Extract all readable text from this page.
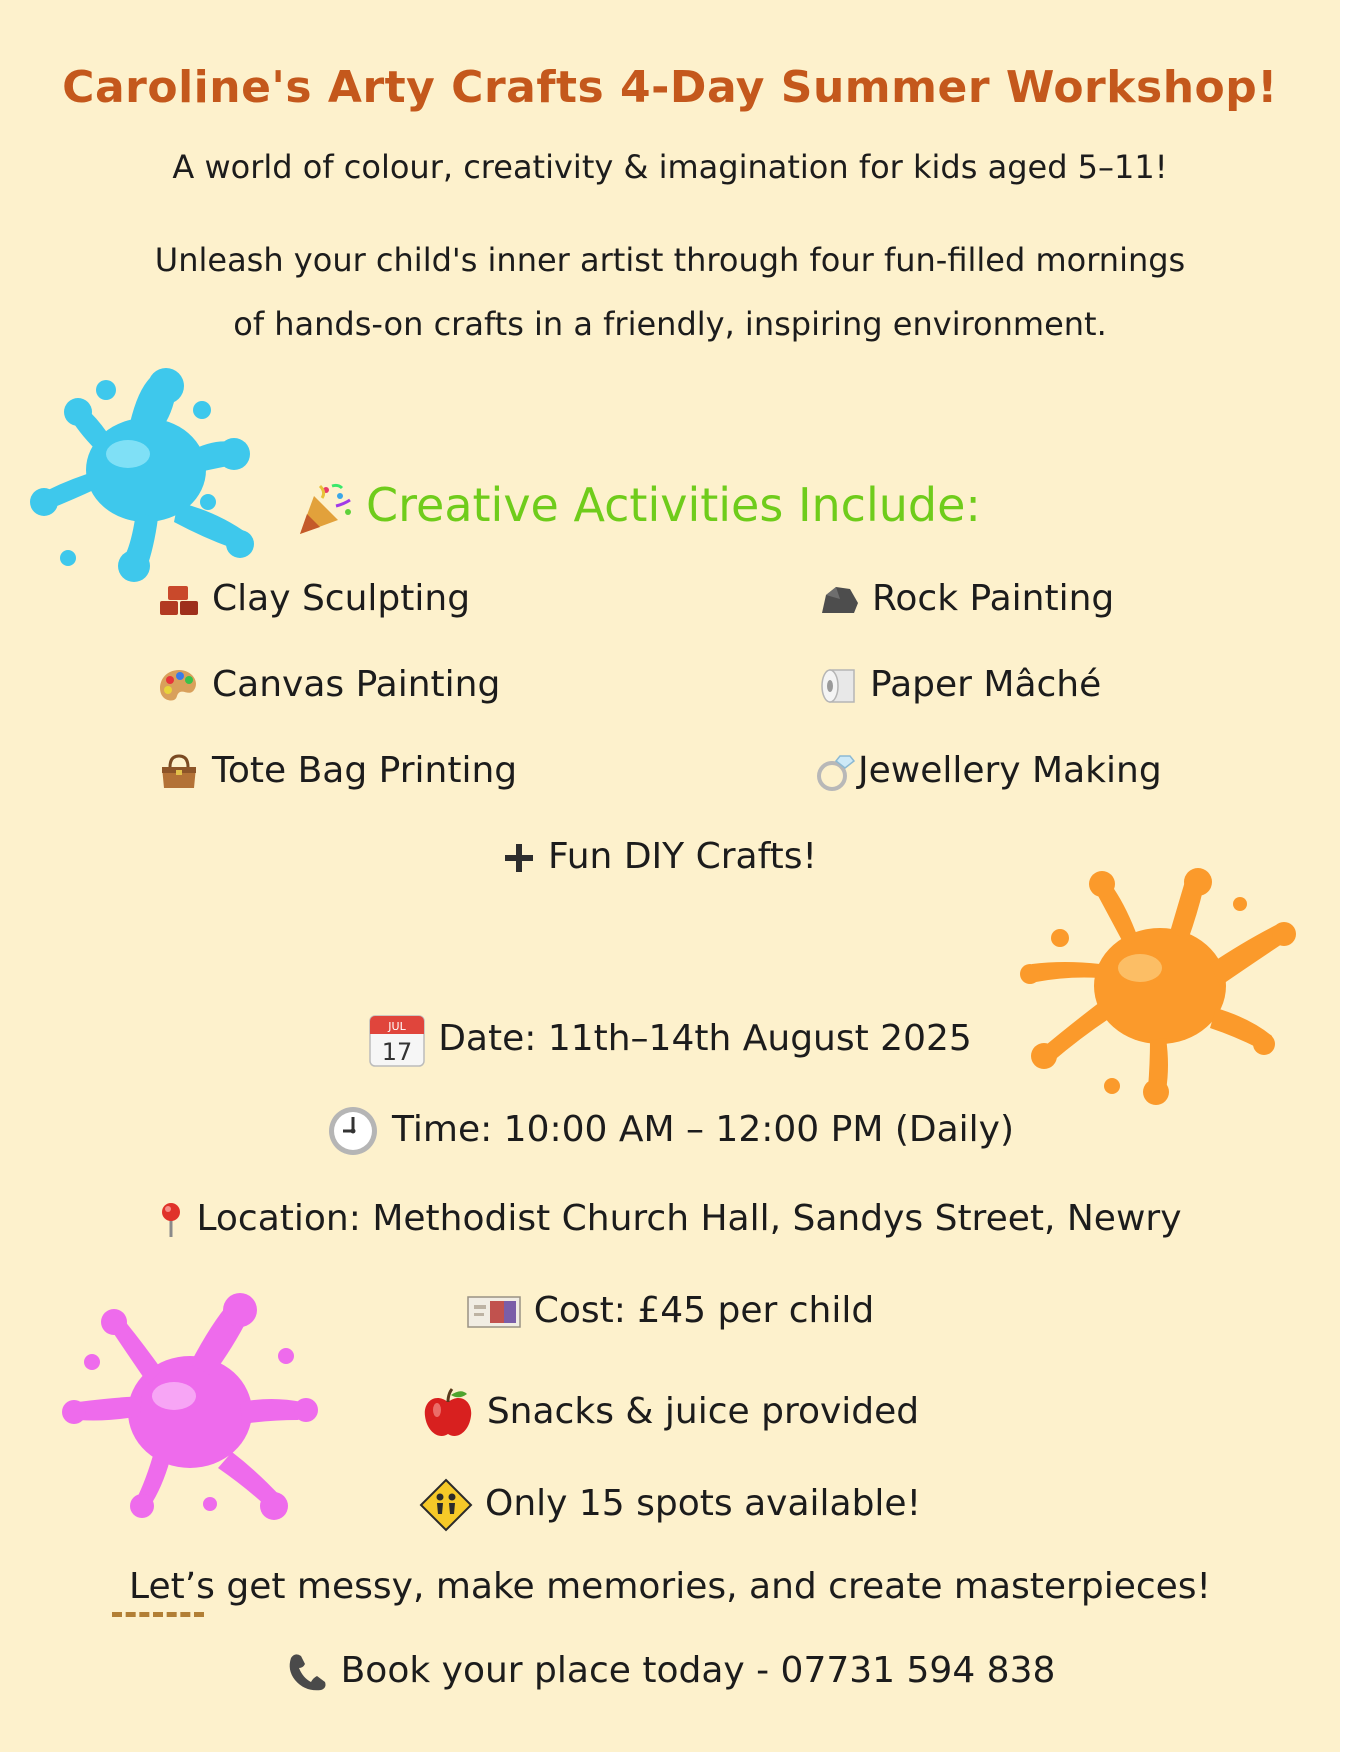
Caroline's Arty Crafts 4-Day Summer Workshop!
A world of colour, creativity & imagination for kids aged 5–11!
Unleash your child's inner artist through four fun-filled mornings
of hands-on crafts in a friendly, inspiring environment.
Creative Activities Include:
Clay Sculpting	Rock Painting
Canvas Painting	Paper Mâché
Tote Bag Printing	Jewellery Making
Fun DIY Crafts!
JUL
17 Date: 11th–14th August 2025
Time: 10:00 AM – 12:00 PM (Daily)
Location: Methodist Church Hall, Sandys Street, Newry
Cost: £45 per child
Snacks & juice provided
Only 15 spots available!
Let’s get messy, make memories, and create masterpieces!
Book your place today - 07731 594 838
